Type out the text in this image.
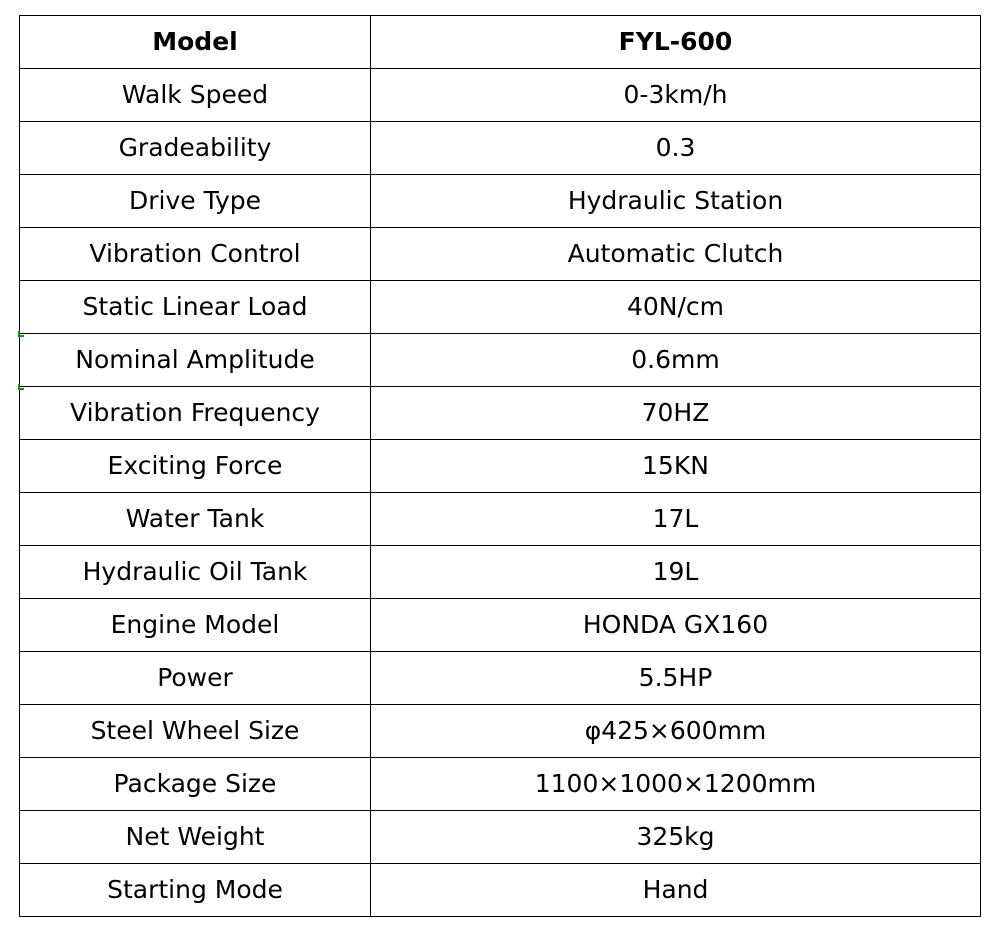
Model	FYL-600
Walk Speed	0-3km/h
Gradeability	0.3
Drive Type	Hydraulic Station
Vibration Control	Automatic Clutch
Static Linear Load	40N/cm
Nominal Amplitude	0.6mm
Vibration Frequency	70HZ
Exciting Force	15KN
Water Tank	17L
Hydraulic Oil Tank	19L
Engine Model	HONDA GX160
Power	5.5HP
Steel Wheel Size	φ425×600mm
Package Size	1100×1000×1200mm
Net Weight	325kg
Starting Mode	Hand
